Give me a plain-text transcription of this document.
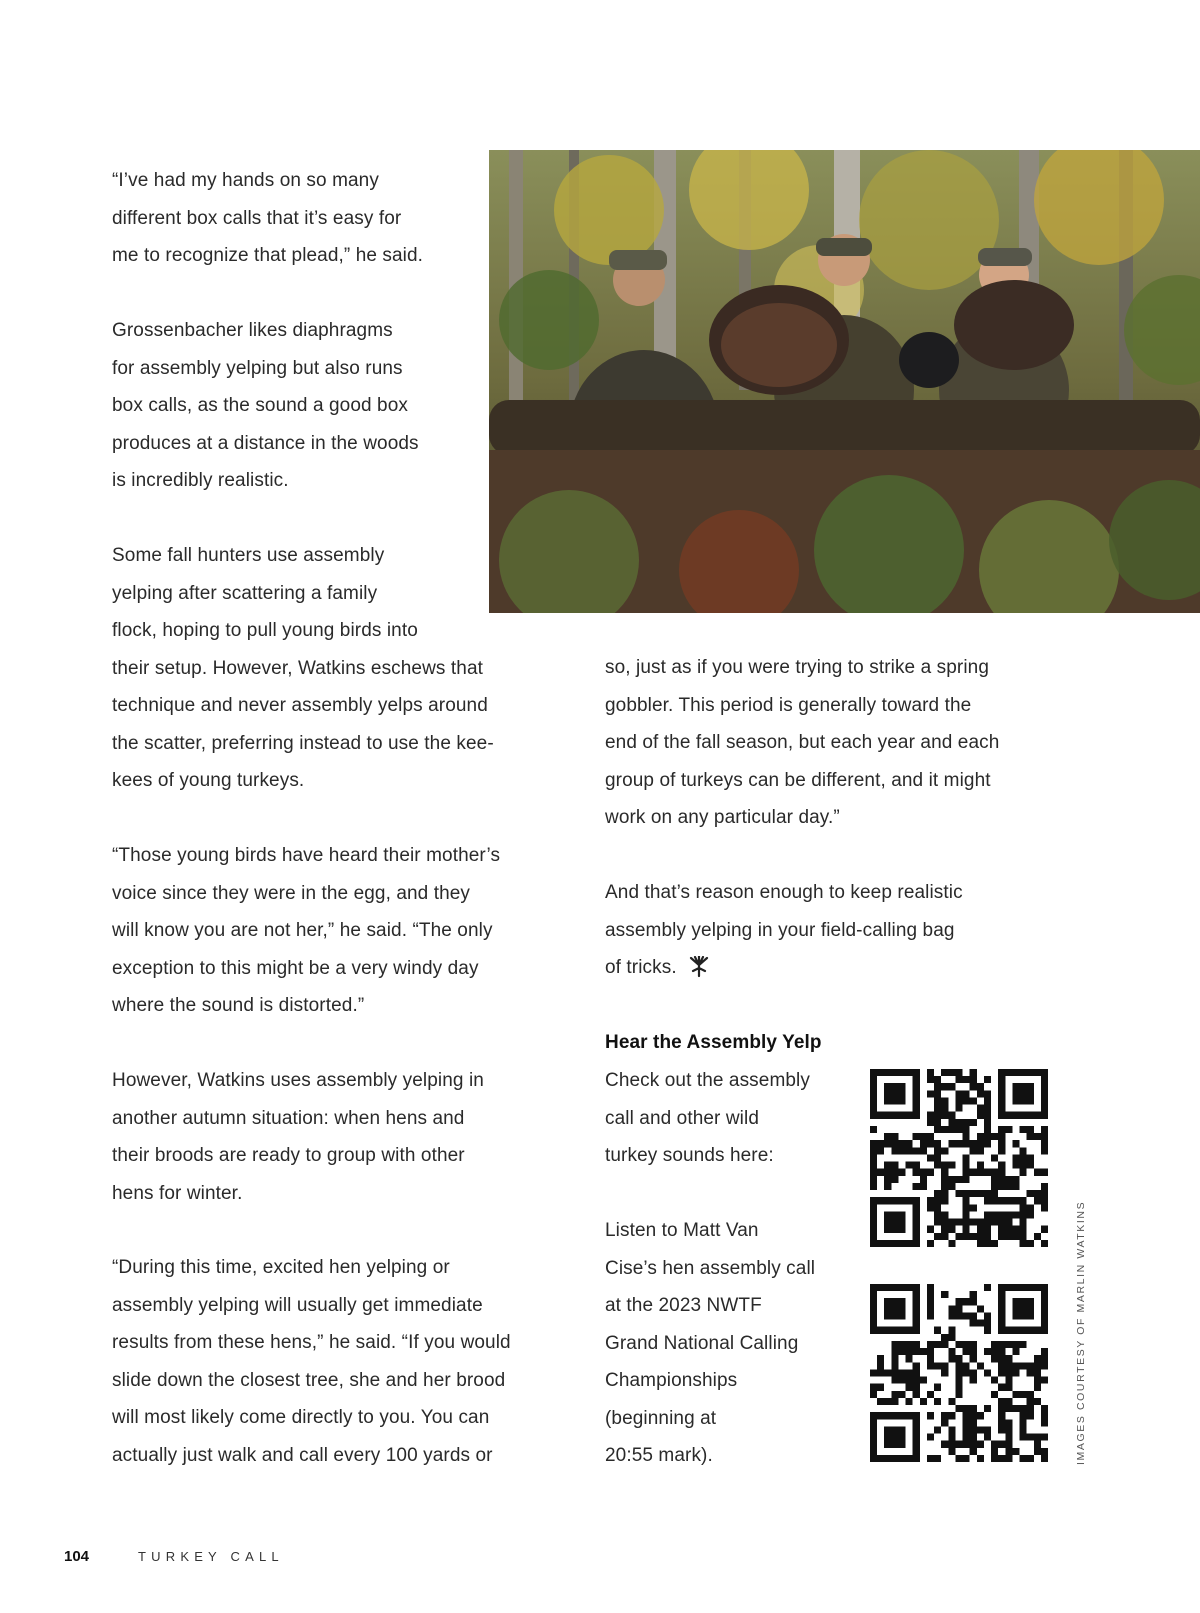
“I’ve had my hands on so many
different box calls that it’s easy for
me to recognize that plead,” he said.

Grossenbacher likes diaphragms
for assembly yelping but also runs
box calls, as the sound a good box
produces at a distance in the woods
is incredibly realistic.

Some fall hunters use assembly
yelping after scattering a family
flock, hoping to pull young birds into
their setup. However, Watkins eschews that
technique and never assembly yelps around
the scatter, preferring instead to use the kee-
kees of young turkeys.

“Those young birds have heard their mother’s
voice since they were in the egg, and they
will know you are not her,” he said. “The only
exception to this might be a very windy day
where the sound is distorted.”

However, Watkins uses assembly yelping in
another autumn situation: when hens and
their broods are ready to group with other
hens for winter.

“During this time, excited hen yelping or
assembly yelping will usually get immediate
results from these hens,” he said. “If you would
slide down the closest tree, she and her brood
will most likely come directly to you. You can
actually just walk and call every 100 yards or

so, just as if you were trying to strike a spring
gobbler. This period is generally toward the
end of the fall season, but each year and each
group of turkeys can be different, and it might
work on any particular day.”

And that’s reason enough to keep realistic
assembly yelping in your field-calling bag
of tricks.

Hear the Assembly Yelp

Check out the assembly
call and other wild
turkey sounds here:

Listen to Matt Van
Cise’s hen assembly call
at the 2023 NWTF
Grand National Calling
Championships
(beginning at
20:55 mark).	IMAGES COURTESY OF MARLIN WATKINS
104	TURKEY CALL
